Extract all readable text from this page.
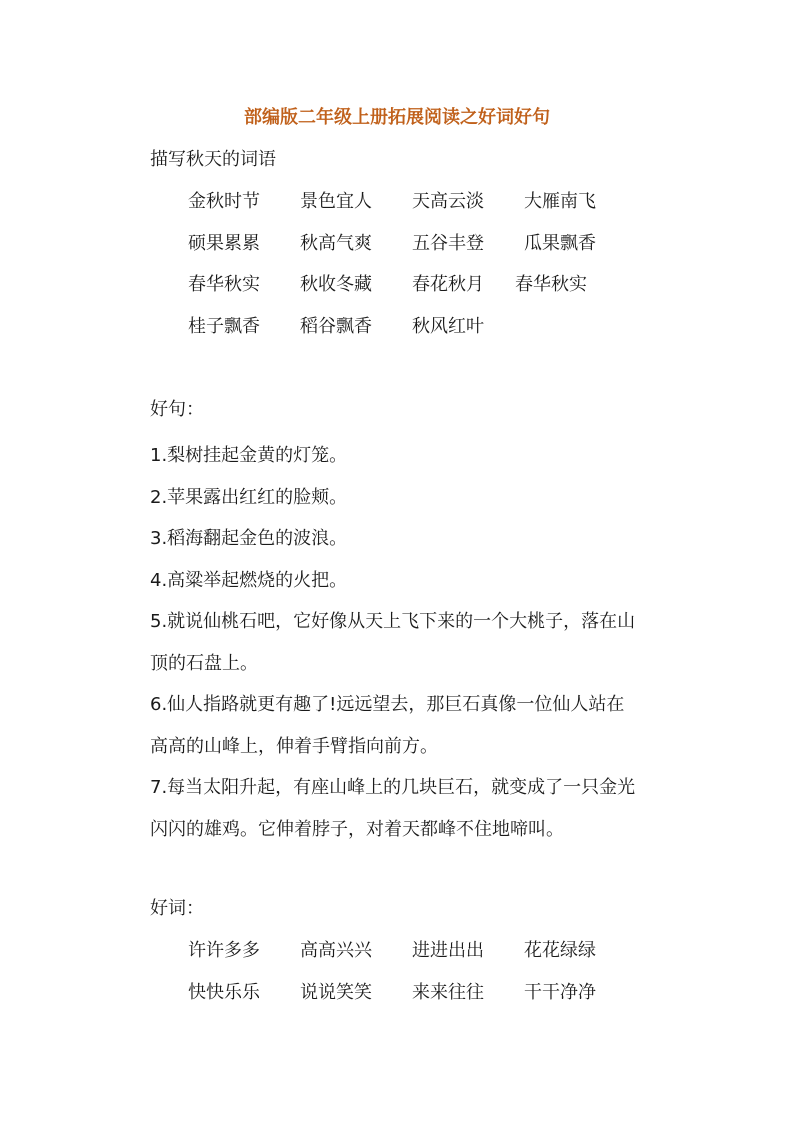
部编版二年级上册拓展阅读之好词好句
描写秋天的词语
金秋时节	景色宜人	天高云淡	大雁南飞
硕果累累	秋高气爽	五谷丰登	瓜果飘香
春华秋实	秋收冬藏	春花秋月	春华秋实
桂子飘香	稻谷飘香	秋风红叶
好句：
1.梨树挂起金黄的灯笼。
2.苹果露出红红的脸颊。
3.稻海翻起金色的波浪。
4.高粱举起燃烧的火把。
5.就说仙桃石吧，它好像从天上飞下来的一个大桃子，落在山
顶的石盘上。
6.仙人指路就更有趣了!远远望去，那巨石真像一位仙人站在
高高的山峰上，伸着手臂指向前方。
7.每当太阳升起，有座山峰上的几块巨石，就变成了一只金光
闪闪的雄鸡。它伸着脖子，对着天都峰不住地啼叫。
好词：
许许多多	高高兴兴	进进出出	花花绿绿
快快乐乐	说说笑笑	来来往往	干干净净
